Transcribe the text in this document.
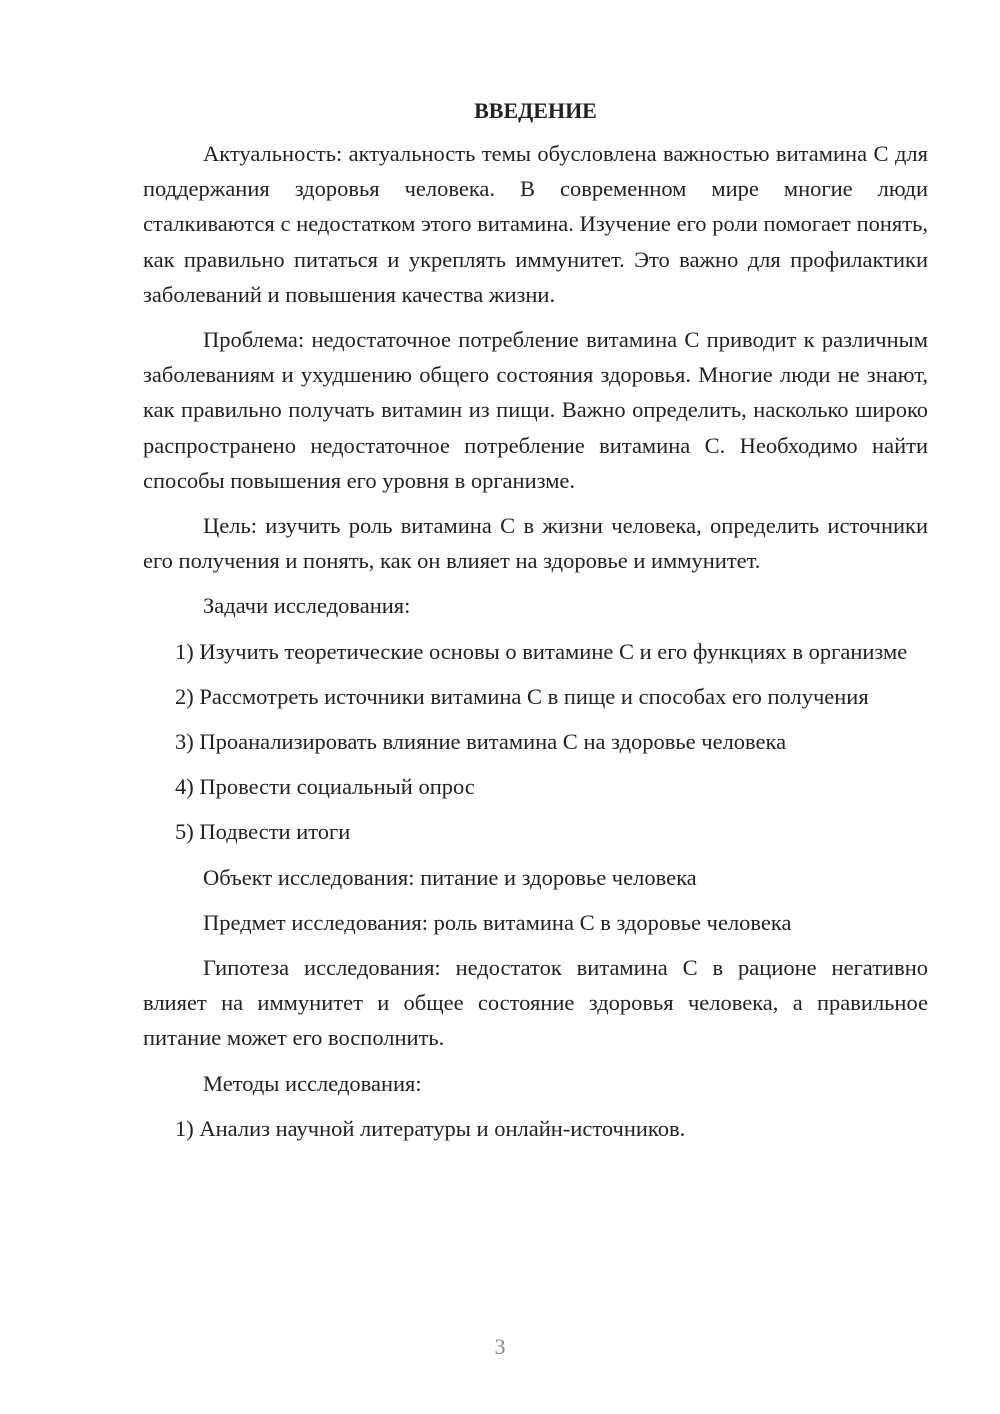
ВВЕДЕНИЕ

Актуальность: актуальность темы обусловлена важностью витамина С для поддержания здоровья человека. В современном мире многие люди сталкиваются с недостатком этого витамина. Изучение его роли помогает понять, как правильно питаться и укреплять иммунитет. Это важно для профилактики заболеваний и повышения качества жизни.

Проблема: недостаточное потребление витамина С приводит к различным заболеваниям и ухудшению общего состояния здоровья. Многие люди не знают, как правильно получать витамин из пищи. Важно определить, насколько широко распространено недостаточное потребление витамина С. Необходимо найти способы повышения его уровня в организме.

Цель: изучить роль витамина С в жизни человека, определить источники его получения и понять, как он влияет на здоровье и иммунитет.

Задачи исследования:

1) Изучить теоретические основы о витамине С и его функциях в организме

2) Рассмотреть источники витамина С в пище и способах его получения

3) Проанализировать влияние витамина С на здоровье человека

4) Провести социальный опрос

5) Подвести итоги

Объект исследования: питание и здоровье человека

Предмет исследования: роль витамина С в здоровье человека

Гипотеза исследования: недостаток витамина С в рационе негативно влияет на иммунитет и общее состояние здоровья человека, а правильное питание может его восполнить.

Методы исследования:

1) Анализ научной литературы и онлайн-источников.

3
